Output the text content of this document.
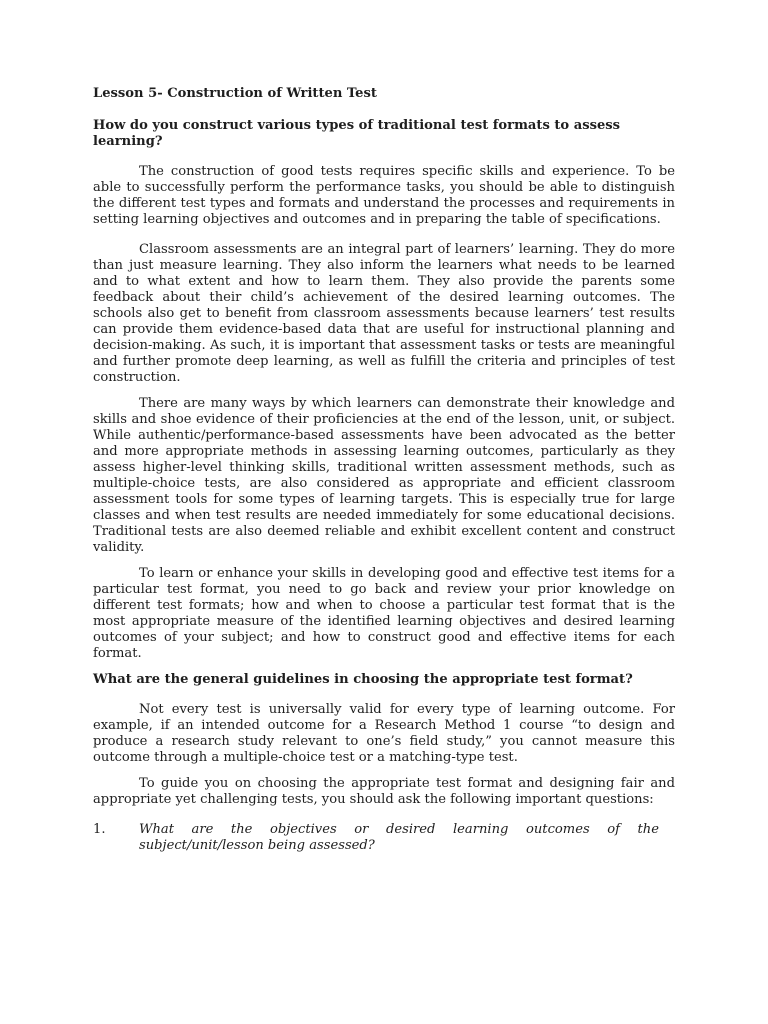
Lesson 5- Construction of Written Test
How do you construct various types of traditional test formats to assess learning?

The construction of good tests requires specific skills and experience. To be able to successfully perform the performance tasks, you should be able to distinguish the different test types and formats and understand the processes and requirements in setting learning objectives and outcomes and in preparing the table of specifications.

Classroom assessments are an integral part of learners’ learning. They do more than just measure learning. They also inform the learners what needs to be learned and to what extent and how to learn them. They also provide the parents some feedback about their child’s achievement of the desired learning outcomes. The schools also get to benefit from classroom assessments because learners’ test results can provide them evidence-based data that are useful for instructional planning and decision-making. As such, it is important that assessment tasks or tests are meaningful and further promote deep learning, as well as fulfill the criteria and principles of test construction.

There are many ways by which learners can demonstrate their knowledge and skills and shoe evidence of their proficiencies at the end of the lesson, unit, or subject. While authentic/performance-based assessments have been advocated as the better and more appropriate methods in assessing learning outcomes, particularly as they assess higher-level thinking skills, traditional written assessment methods, such as multiple-choice tests, are also considered as appropriate and efficient classroom assessment tools for some types of learning targets. This is especially true for large classes and when test results are needed immediately for some educational decisions. Traditional tests are also deemed reliable and exhibit excellent content and construct validity.

To learn or enhance your skills in developing good and effective test items for a particular test format, you need to go back and review your prior knowledge on different test formats; how and when to choose a particular test format that is the most appropriate measure of the identified learning objectives and desired learning outcomes of your subject; and how to construct good and effective items for each format.

What are the general guidelines in choosing the appropriate test format?

Not every test is universally valid for every type of learning outcome. For example, if an intended outcome for a Research Method 1 course “to design and produce a research study relevant to one’s field study,” you cannot measure this outcome through a multiple-choice test or a matching-type test.

To guide you on choosing the appropriate test format and designing fair and appropriate yet challenging tests, you should ask the following important questions:

1.	What are the objectives or desired learning outcomes of the subject/unit/lesson being assessed?
